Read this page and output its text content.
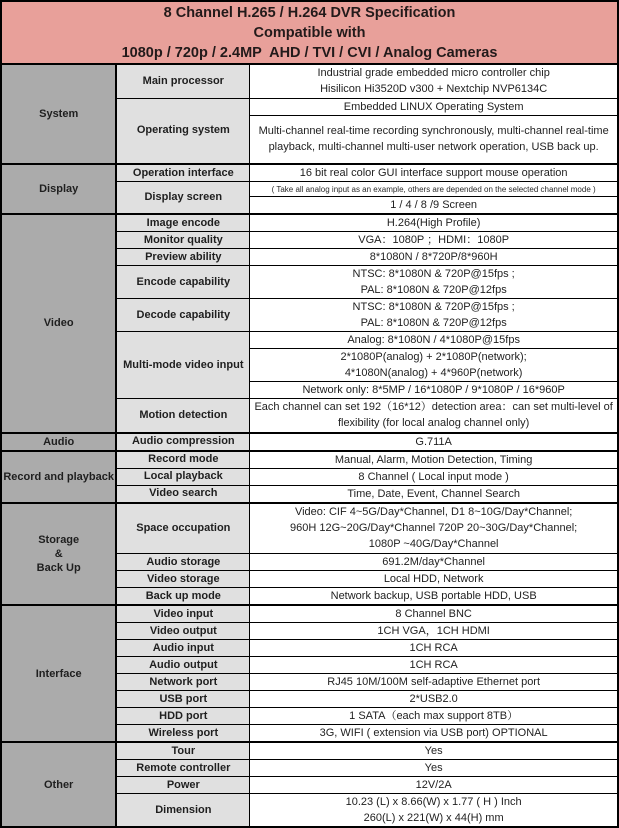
8 Channel H.265 / H.264 DVR Specification
Compatible with
1080p / 720p / 2.4MP  AHD / TVI / CVI / Analog Cameras
System	Main processor	Industrial grade embedded micro controller chip
Hisilicon Hi3520D v300 + Nextchip NVP6134C

	Operating system	Embedded LINUX Operating System

		Multi-channel real-time recording synchronously, multi-channel real-time playback, multi-channel multi-user network operation, USB back up.

Display	Operation interface	16 bit real color GUI interface support mouse operation

	Display screen	( Take all analog input as an example, others are depended on the selected channel mode )

		1 / 4 / 8 /9 Screen

Video	Image encode	H.264(High Profile)

	Monitor quality	VGA：1080P ；HDMI：1080P

	Preview ability	8*1080N / 8*720P/8*960H

	Encode capability	NTSC: 8*1080N & 720P@15fps ;
PAL: 8*1080N & 720P@12fps

	Decode capability	NTSC: 8*1080N & 720P@15fps ;
PAL: 8*1080N & 720P@12fps

	Multi-mode video input	Analog: 8*1080N / 4*1080P@15fps

		2*1080P(analog) + 2*1080P(network);
4*1080N(analog) + 4*960P(network)

		Network only: 8*5MP / 16*1080P / 9*1080P / 16*960P

	Motion detection	Each channel can set 192（16*12）detection area：can set multi-level of flexibility (for local analog channel only)

Audio	Audio compression	G.711A

Record and playback	Record mode	Manual, Alarm, Motion Detection, Timing

	Local playback	8 Channel ( Local input mode )

	Video search	Time, Date, Event, Channel Search

Storage
&
Back Up	Space occupation	Video: CIF 4~5G/Day*Channel, D1 8~10G/Day*Channel;
960H 12G~20G/Day*Channel 720P 20~30G/Day*Channel;
1080P ~40G/Day*Channel

	Audio storage	691.2M/day*Channel

	Video storage	Local HDD, Network

	Back up mode	Network backup, USB portable HDD, USB

Interface	Video input	8 Channel BNC

	Video output	1CH VGA，1CH HDMI

	Audio input	1CH RCA

	Audio output	1CH RCA

	Network port	RJ45 10M/100M self-adaptive Ethernet port

	USB port	2*USB2.0

	HDD port	1 SATA（each max support 8TB）

	Wireless port	3G, WIFI ( extension via USB port) OPTIONAL

Other	Tour	Yes

	Remote controller	Yes

	Power	12V/2A

	Dimension	10.23 (L) x 8.66(W) x 1.77 ( H ) Inch
260(L) x 221(W) x 44(H) mm
